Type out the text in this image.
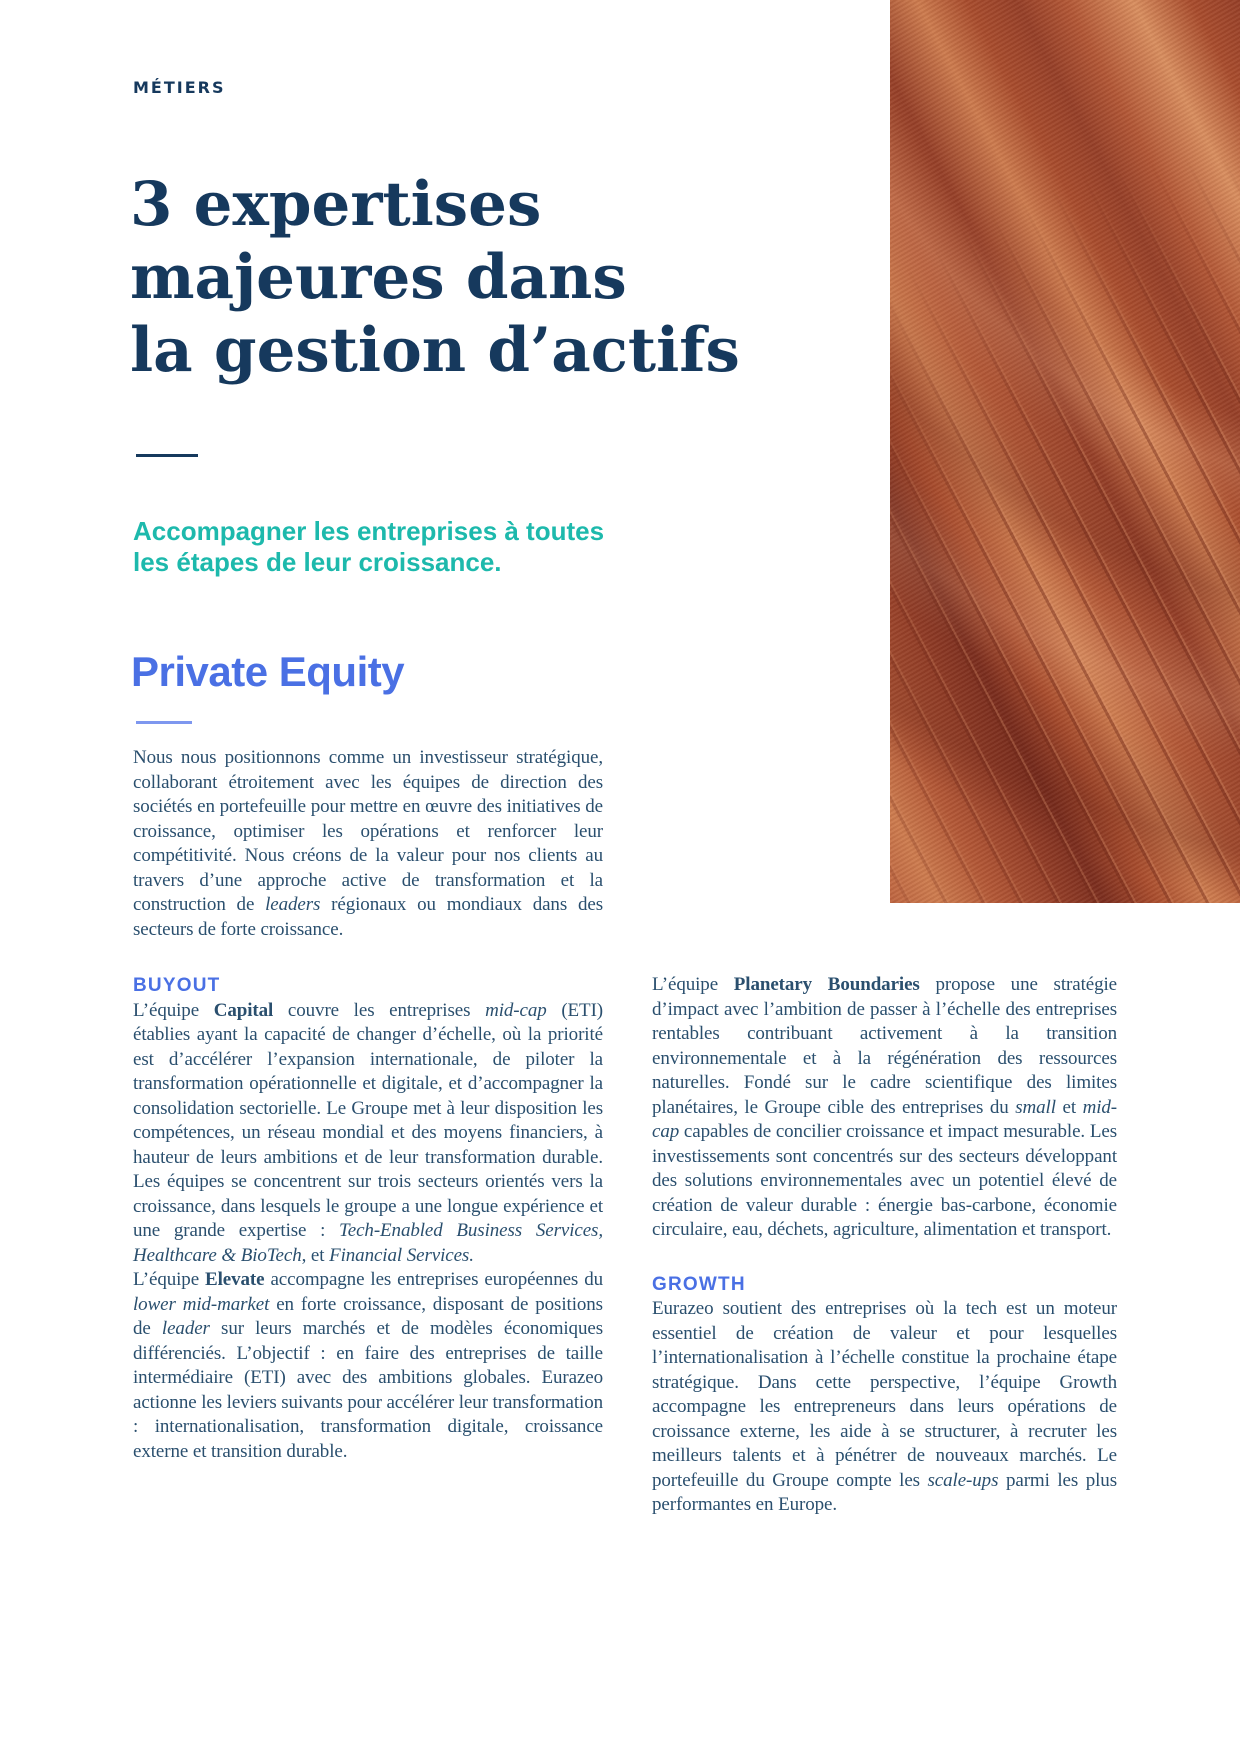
MÉTIERS
3 expertises
majeures dans
la gestion d’actifs
Accompagner les entreprises à toutes
les étapes de leur croissance.
Private Equity

Nous nous positionnons comme un investisseur stratégique, collaborant étroitement avec les équipes de direction des sociétés en portefeuille pour mettre en œuvre des initiatives de croissance, optimiser les opérations et renforcer leur compétitivité. Nous créons de la valeur pour nos clients au travers d’une approche active de transformation et la construction de leaders régionaux ou mondiaux dans des secteurs de forte croissance.

BUYOUT

L’équipe Capital couvre les entreprises mid-cap (ETI) établies ayant la capacité de changer d’échelle, où la priorité est d’accélérer l’expansion internationale, de piloter la transformation opérationnelle et digitale, et d’accompagner la consolidation sectorielle. Le Groupe met à leur disposition les compétences, un réseau mondial et des moyens financiers, à hauteur de leurs ambitions et de leur transformation durable. Les équipes se concentrent sur trois secteurs orientés vers la croissance, dans lesquels le groupe a une longue expérience et une grande expertise : Tech-Enabled Business Services, Healthcare & BioTech, et Financial Services.

L’équipe Elevate accompagne les entreprises européennes du lower mid-market en forte croissance, disposant de positions de leader sur leurs marchés et de modèles économiques différenciés. L’objectif : en faire des entreprises de taille intermédiaire (ETI) avec des ambitions globales. Eurazeo actionne les leviers suivants pour accélérer leur transformation : internationalisation, transformation digitale, croissance externe et transition durable.

L’équipe Planetary Boundaries propose une stratégie d’impact avec l’ambition de passer à l’échelle des entreprises rentables contribuant activement à la transition environnementale et à la régénération des ressources naturelles. Fondé sur le cadre scientifique des limites planétaires, le Groupe cible des entreprises du small et mid-cap capables de concilier croissance et impact mesurable. Les investissements sont concentrés sur des secteurs développant des solutions environnementales avec un potentiel élevé de création de valeur durable : énergie bas-carbone, économie circulaire, eau, déchets, agriculture, alimentation et transport.

GROWTH

Eurazeo soutient des entreprises où la tech est un moteur essentiel de création de valeur et pour lesquelles l’internationalisation à l’échelle constitue la prochaine étape stratégique. Dans cette perspective, l’équipe Growth accompagne les entrepreneurs dans leurs opérations de croissance externe, les aide à se structurer, à recruter les meilleurs talents et à pénétrer de nouveaux marchés. Le portefeuille du Groupe compte les scale-ups parmi les plus performantes en Europe.
